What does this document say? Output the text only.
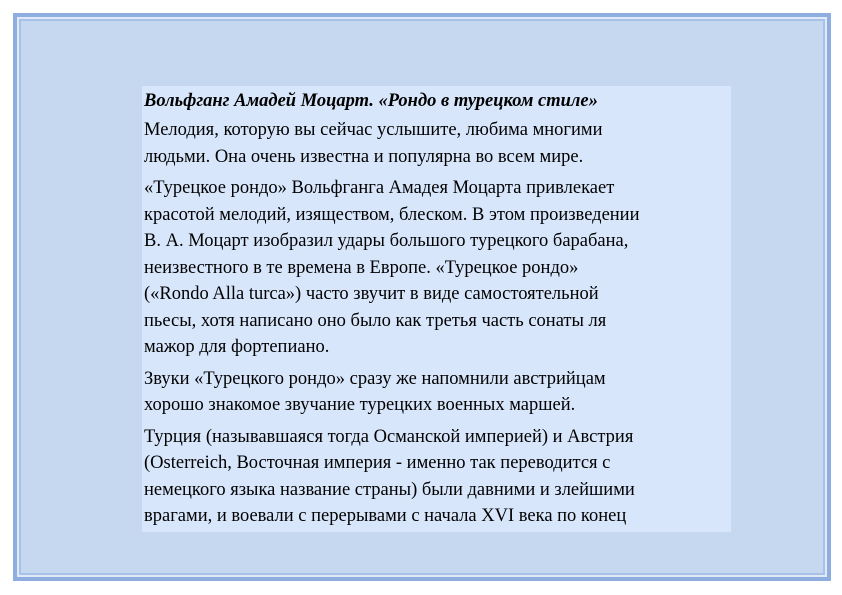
Вольфганг Амадей Моцарт. «Рондо в турецком стиле»
Мелодия, которую вы сейчас услышите, любима многими
людьми. Она очень известна и популярна во всем мире.
«Турецкое рондо» Вольфганга Амадея Моцарта привлекает
красотой мелодий, изяществом, блеском. В этом произведении
В. А. Моцарт изобразил удары большого турецкого барабана,
неизвестного в те времена в Европе. «Турецкое рондо»
(«Rondo Alla turca») часто звучит в виде самостоятельной
пьесы, хотя написано оно было как третья часть сонаты ля
мажор для фортепиано.
Звуки «Турецкого рондо» сразу же напомнили австрийцам
хорошо знакомое звучание турецких военных маршей.
Турция (называвшаяся тогда Османской империей) и Австрия
(Osterreich, Восточная империя - именно так переводится с
немецкого языка название страны) были давними и злейшими
врагами, и воевали с перерывами с начала XVI века по конец
